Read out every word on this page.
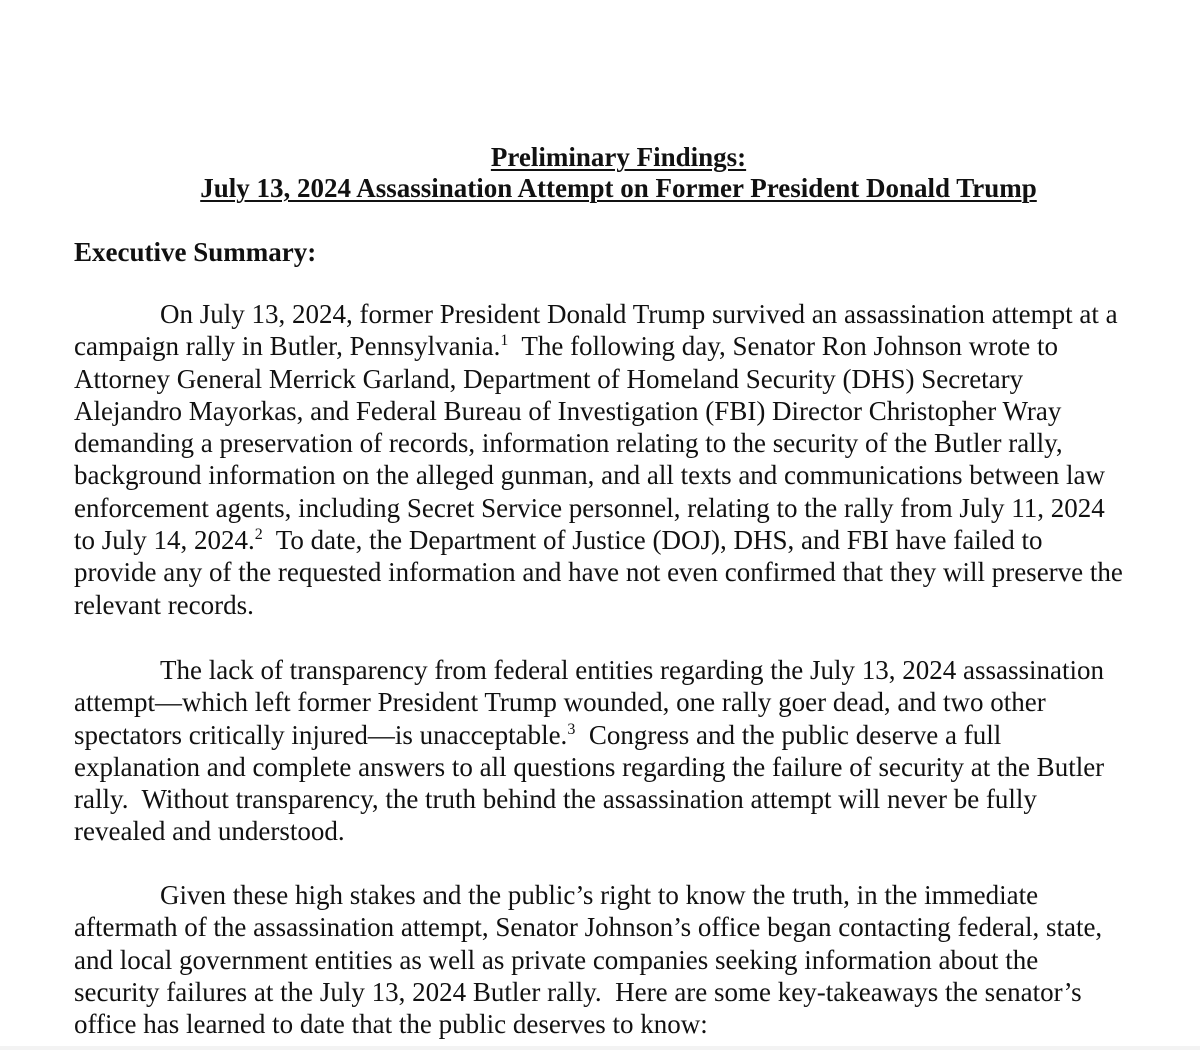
Preliminary Findings:
July 13, 2024 Assassination Attempt on Former President Donald Trump
Executive Summary:

On July 13, 2024, former President Donald Trump survived an assassination attempt at a
campaign rally in Butler, Pennsylvania.$^1$  The following day, Senator Ron Johnson wrote to
Attorney General Merrick Garland, Department of Homeland Security (DHS) Secretary
Alejandro Mayorkas, and Federal Bureau of Investigation (FBI) Director Christopher Wray
demanding a preservation of records, information relating to the security of the Butler rally,
background information on the alleged gunman, and all texts and communications between law
enforcement agents, including Secret Service personnel, relating to the rally from July 11, 2024
to July 14, 2024.$^2$  To date, the Department of Justice (DOJ), DHS, and FBI have failed to
provide any of the requested information and have not even confirmed that they will preserve the
relevant records.

The lack of transparency from federal entities regarding the July 13, 2024 assassination
attempt—which left former President Trump wounded, one rally goer dead, and two other
spectators critically injured—is unacceptable.$^3$  Congress and the public deserve a full
explanation and complete answers to all questions regarding the failure of security at the Butler
rally.  Without transparency, the truth behind the assassination attempt will never be fully
revealed and understood.

Given these high stakes and the public’s right to know the truth, in the immediate
aftermath of the assassination attempt, Senator Johnson’s office began contacting federal, state,
and local government entities as well as private companies seeking information about the
security failures at the July 13, 2024 Butler rally.  Here are some key-takeaways the senator’s
office has learned to date that the public deserves to know:
